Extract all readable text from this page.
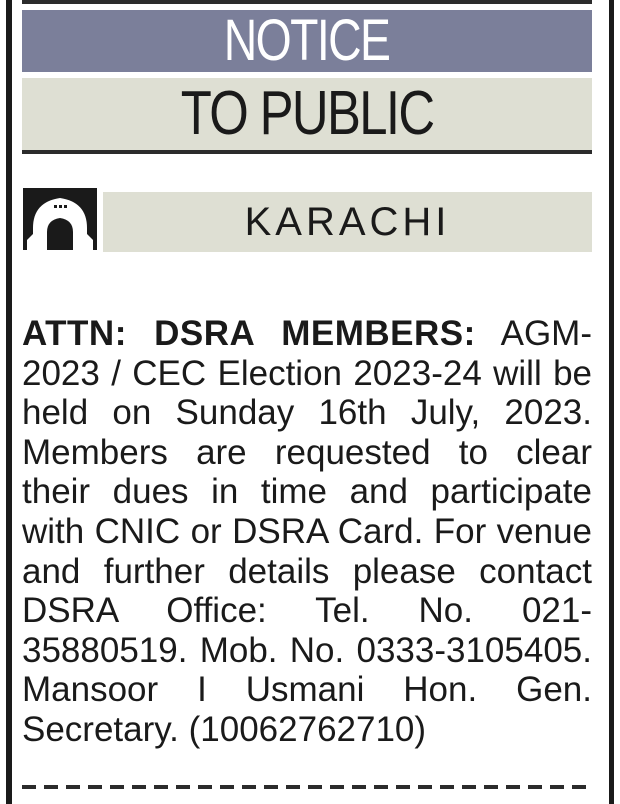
NOTICE
TO PUBLIC
KARACHI
ATTN: DSRA MEMBERS: AGM-2023 / CEC Election 2023-24 will be held on Sunday 16th July, 2023. Members are requested to clear their dues in time and participate with CNIC or DSRA Card. For venue and further details please contact DSRA Office: Tel. No. 021-35880519. Mob. No. 0333-3105405. Mansoor I Usmani Hon. Gen. Secretary. (10062762710)
